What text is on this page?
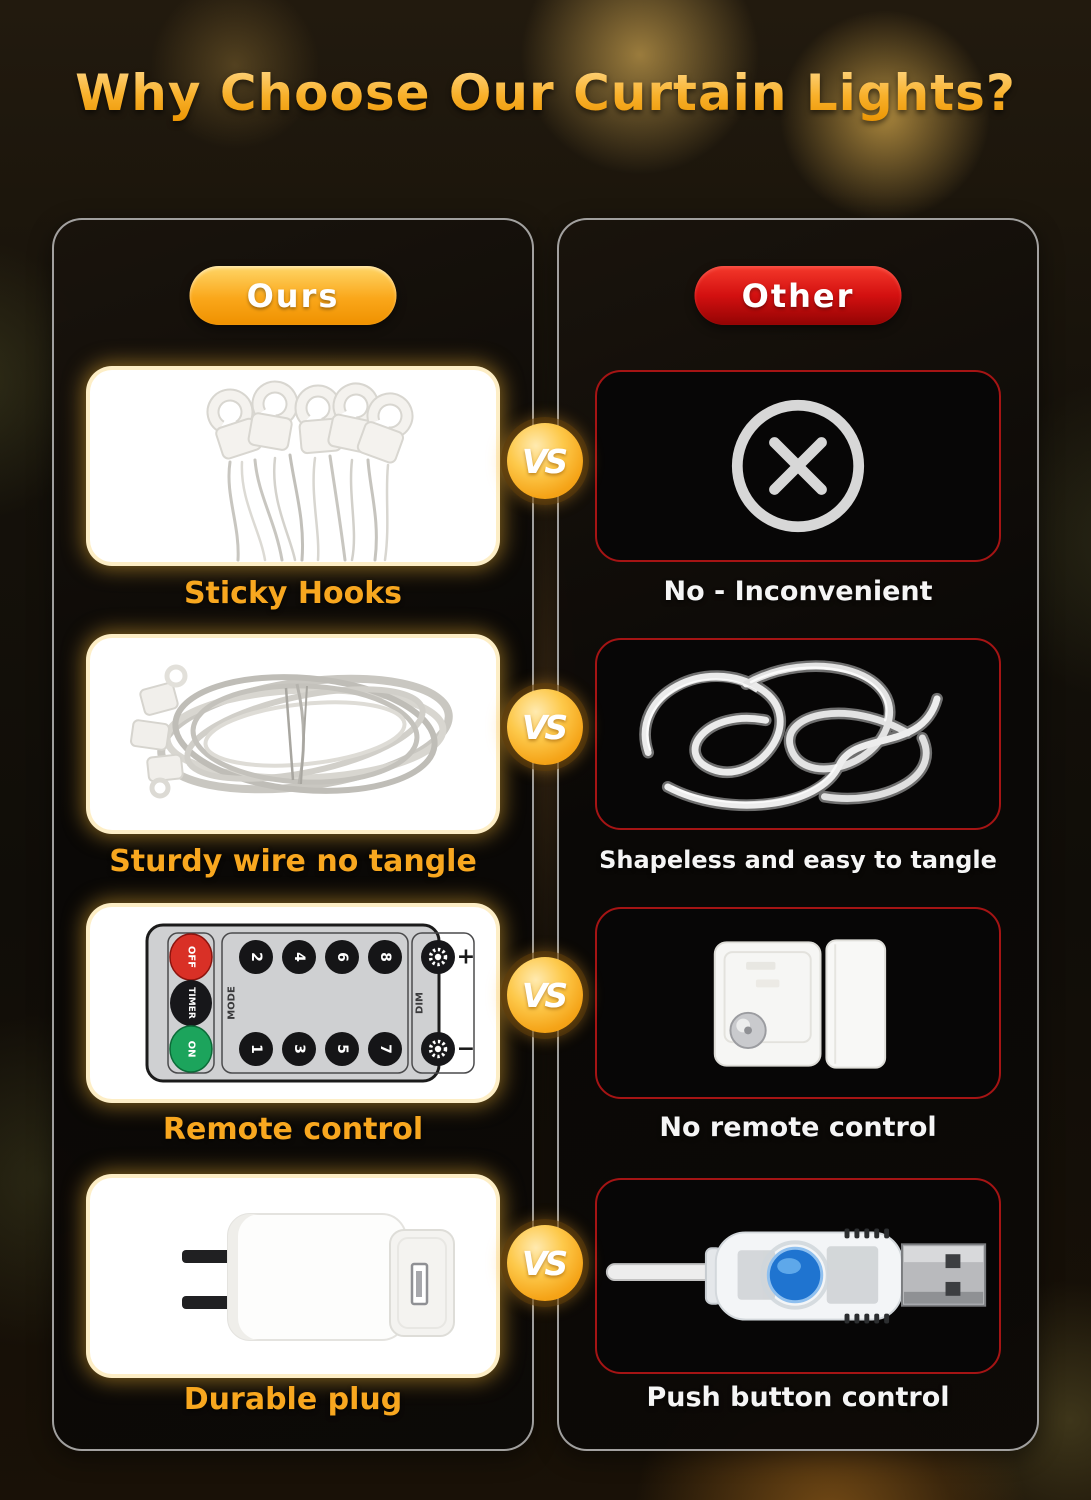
Why Choose Our Curtain Lights?
Ours
Sticky Hooks
Sturdy wire no tangle
OFF
TIMER
ON
MODE
2 4 6 8
1 3 5 7
DIM
+
−
Remote control
Durable plug
Other
No - Inconvenient
Shapeless and easy to tangle
No remote control
Push button control
VS
VS
VS
VS
